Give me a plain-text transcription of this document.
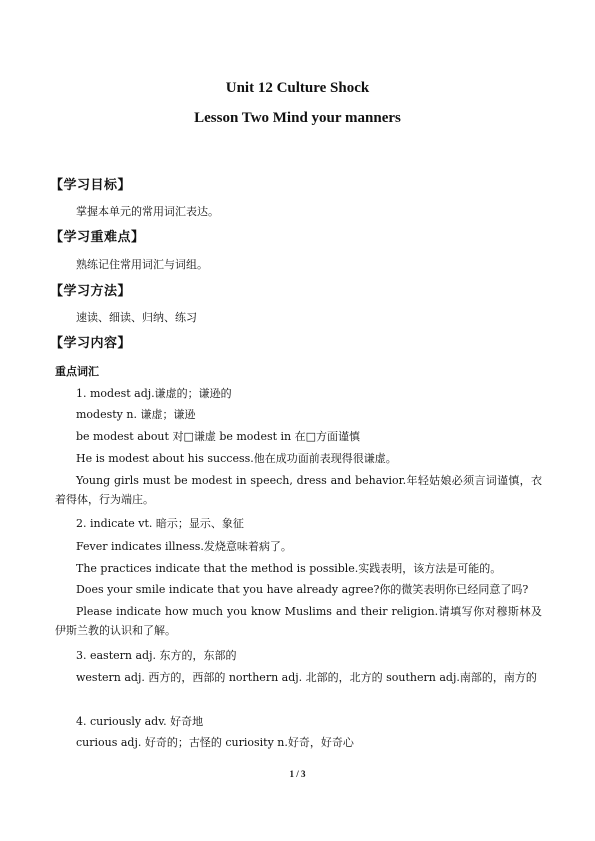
Unit 12 Culture Shock
Lesson Two Mind your manners
【学习目标】
掌握本单元的常用词汇表达。
【学习重难点】
熟练记住常用词汇与词组。
【学习方法】
速读、细读、归纳、练习
【学习内容】
重点词汇
1. modest adj.谦虚的；谦逊的
modesty n. 谦虚；谦逊
be modest about 对□谦虚 be modest in 在□方面谨慎
He is modest about his success.他在成功面前表现得很谦虚。
Young girls must be modest in speech, dress and behavior.年轻姑娘必须言词谨慎，衣着得体，行为端庄。
2. indicate vt. 暗示；显示、象征
Fever indicates illness.发烧意味着病了。
The practices indicate that the method is possible.实践表明，该方法是可能的。
Does your smile indicate that you have already agree?你的微笑表明你已经同意了吗?
Please indicate how much you know Muslims and their religion.请填写你对穆斯林及伊斯兰教的认识和了解。
3. eastern adj. 东方的，东部的
western adj. 西方的，西部的 northern adj. 北部的，北方的 southern adj.南部的，南方的
4. curiously adv. 好奇地
curious adj. 好奇的；古怪的 curiosity n.好奇，好奇心
1 / 3
